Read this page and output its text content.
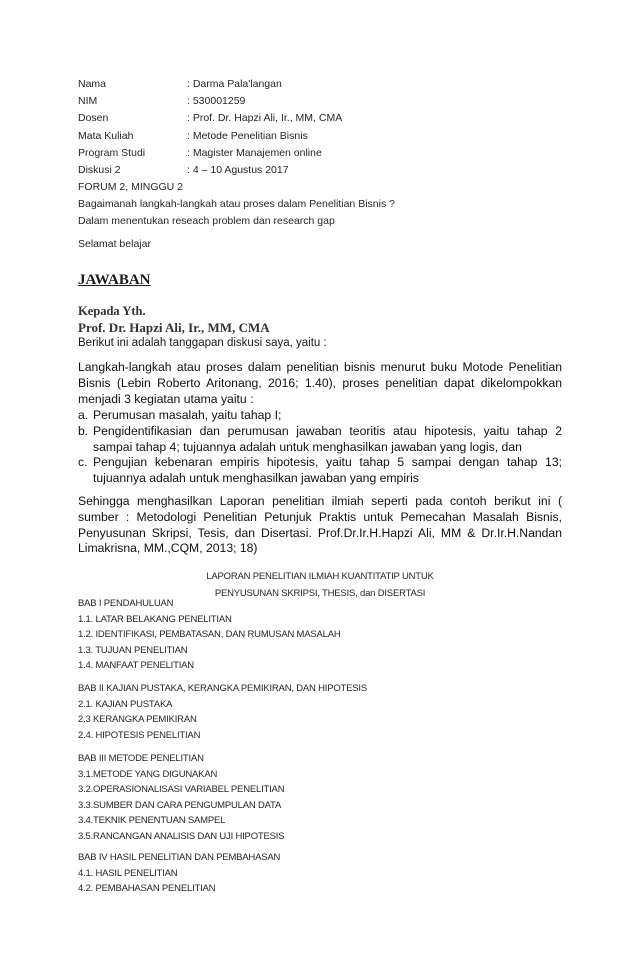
Nama	: Darma Pala'langan
NIM	: 530001259
Dosen	: Prof. Dr. Hapzi Ali, Ir., MM, CMA
Mata Kuliah	: Metode Penelitian Bisnis
Program Studi	: Magister Manajemen online
Diskusi 2	: 4 – 10 Agustus 2017
FORUM 2, MINGGU 2
Bagaimanah langkah-langkah atau proses dalam Penelitian Bisnis ?
Dalam menentukan reseach problem dan research gap
Selamat belajar
JAWABAN
Kepada Yth.
Prof. Dr. Hapzi Ali, Ir., MM, CMA
Berikut ini adalah tanggapan diskusi saya, yaitu :
Langkah-langkah atau proses dalam penelitian bisnis menurut buku Motode Penelitian
Bisnis (Lebin Roberto Aritonang, 2016; 1.40), proses penelitian dapat dikelompokkan
menjadi 3 kegiatan utama yaitu :
a. Perumusan masalah, yaitu tahap I;
b. Pengidentifikasian dan perumusan jawaban teoritis atau hipotesis, yaitu tahap 2
sampai tahap 4; tujuannya adalah untuk menghasilkan jawaban yang logis, dan
c. Pengujian kebenaran empiris hipotesis, yaitu tahap 5 sampai dengan tahap 13;
tujuannya adalah untuk menghasilkan jawaban yang empiris
Sehingga menghasilkan Laporan penelitian ilmiah seperti pada contoh berikut ini (
sumber : Metodologi Penelitian Petunjuk Praktis untuk Pemecahan Masalah Bisnis,
Penyusunan Skripsi, Tesis, dan Disertasi. Prof.Dr.Ir.H.Hapzi Ali, MM & Dr.Ir.H.Nandan
Limakrisna, MM.,CQM, 2013; 18)
LAPORAN PENELITIAN ILMIAH KUANTITATIP UNTUK
PENYUSUNAN SKRIPSI, THESIS, dan DISERTASI
BAB I PENDAHULUAN
1.1. LATAR BELAKANG PENELITIAN
1.2. IDENTIFIKASI, PEMBATASAN, DAN RUMUSAN MASALAH
1.3. TUJUAN PENELITIAN
1.4. MANFAAT PENELITIAN
BAB II KAJIAN PUSTAKA, KERANGKA PEMIKIRAN, DAN HIPOTESIS
2.1. KAJIAN PUSTAKA
2.3 KERANGKA PEMIKIRAN
2.4. HIPOTESIS PENELITIAN
BAB III METODE PENELITIAN
3.1.METODE YANG DIGUNAKAN
3.2.OPERASIONALISASI VARIABEL PENELITIAN
3.3.SUMBER DAN CARA PENGUMPULAN DATA
3.4.TEKNIK PENENTUAN SAMPEL
3.5.RANCANGAN ANALISIS DAN UJI HIPOTESIS
BAB IV HASIL PENELITIAN DAN PEMBAHASAN
4.1. HASIL PENELITIAN
4.2. PEMBAHASAN PENELITIAN
